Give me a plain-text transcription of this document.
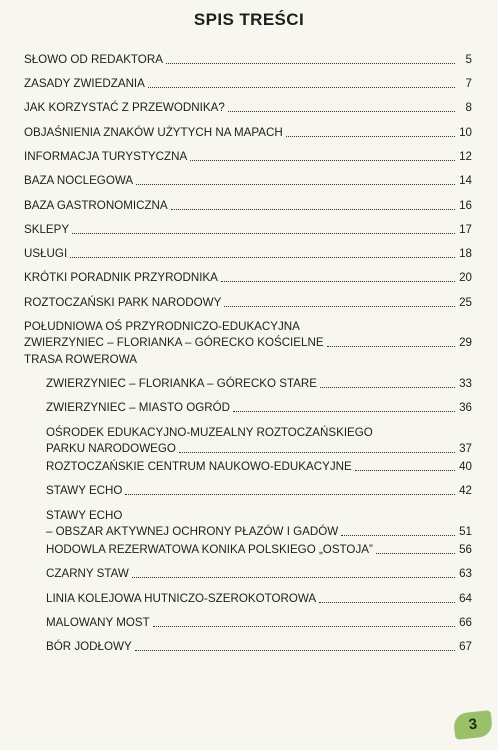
SPIS TREŚCI
SŁOWO OD REDAKTORA	5
ZASADY ZWIEDZANIA	7
JAK KORZYSTAĆ Z PRZEWODNIKA?	8
OBJAŚNIENIA ZNAKÓW UŻYTYCH NA MAPACH	10
INFORMACJA TURYSTYCZNA	12
BAZA NOCLEGOWA	14
BAZA GASTRONOMICZNA	16
SKLEPY	17
USŁUGI	18
KRÓTKI PORADNIK PRZYRODNIKA	20
ROZTOCZAŃSKI PARK NARODOWY	25
POŁUDNIOWA OŚ PRZYRODNICZO-EDUKACYJNA
ZWIERZYNIEC – FLORIANKA – GÓRECKO KOŚCIELNE	29
TRASA ROWEROWA
ZWIERZYNIEC – FLORIANKA – GÓRECKO STARE	33
ZWIERZYNIEC – MIASTO OGRÓD	36
OŚRODEK EDUKACYJNO-MUZEALNY ROZTOCZAŃSKIEGO
PARKU NARODOWEGO	37
ROZTOCZAŃSKIE CENTRUM NAUKOWO-EDUKACYJNE	40
STAWY ECHO	42
STAWY ECHO
– OBSZAR AKTYWNEJ OCHRONY PŁAZÓW I GADÓW	51
HODOWLA REZERWATOWA KONIKA POLSKIEGO „OSTOJA”	56
CZARNY STAW	63
LINIA KOLEJOWA HUTNICZO-SZEROKOTOROWA	64
MALOWANY MOST	66
BÓR JODŁOWY	67
3
